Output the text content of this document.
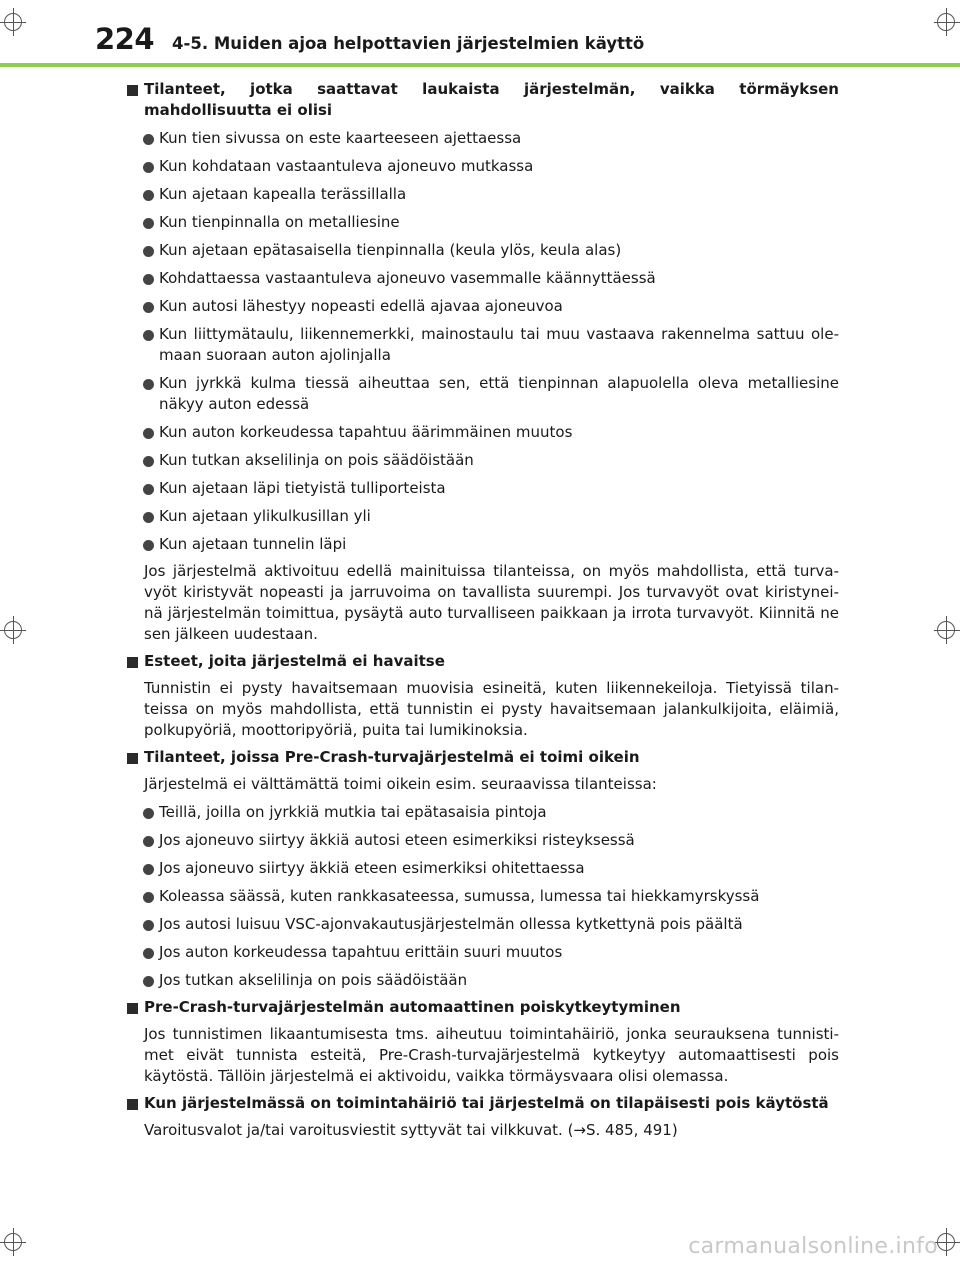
224 4-5. Muiden ajoa helpottavien järjestelmien käyttö
Tilanteet, jotka saattavat laukaista järjestelmän, vaikka törmäyksen mahdollisuutta ei olisi
Kun tien sivussa on este kaarteeseen ajettaessa
Kun kohdataan vastaantuleva ajoneuvo mutkassa
Kun ajetaan kapealla terässillalla
Kun tienpinnalla on metalliesine
Kun ajetaan epätasaisella tienpinnalla (keula ylös, keula alas)
Kohdattaessa vastaantuleva ajoneuvo vasemmalle käännyttäessä
Kun autosi lähestyy nopeasti edellä ajavaa ajoneuvoa
Kun liittymätaulu, liikennemerkki, mainostaulu tai muu vastaava rakennelma sattuu ole-maan suoraan auton ajolinjalla
Kun jyrkkä kulma tiessä aiheuttaa sen, että tienpinnan alapuolella oleva metalliesine näkyy auton edessä
Kun auton korkeudessa tapahtuu äärimmäinen muutos
Kun tutkan akselilinja on pois säädöistään
Kun ajetaan läpi tietyistä tulliporteista
Kun ajetaan ylikulkusillan yli
Kun ajetaan tunnelin läpi
Jos järjestelmä aktivoituu edellä mainituissa tilanteissa, on myös mahdollista, että turva-vyöt kiristyvät nopeasti ja jarruvoima on tavallista suurempi. Jos turvavyöt ovat kiristynei-nä järjestelmän toimittua, pysäytä auto turvalliseen paikkaan ja irrota turvavyöt. Kiinnitä ne sen jälkeen uudestaan.
Esteet, joita järjestelmä ei havaitse
Tunnistin ei pysty havaitsemaan muovisia esineitä, kuten liikennekeiloja. Tietyissä tilan-teissa on myös mahdollista, että tunnistin ei pysty havaitsemaan jalankulkijoita, eläimiä, polkupyöriä, moottoripyöriä, puita tai lumikinoksia.
Tilanteet, joissa Pre-Crash-turvajärjestelmä ei toimi oikein
Järjestelmä ei välttämättä toimi oikein esim. seuraavissa tilanteissa:
Teillä, joilla on jyrkkiä mutkia tai epätasaisia pintoja
Jos ajoneuvo siirtyy äkkiä autosi eteen esimerkiksi risteyksessä
Jos ajoneuvo siirtyy äkkiä eteen esimerkiksi ohitettaessa
Koleassa säässä, kuten rankkasateessa, sumussa, lumessa tai hiekkamyrskyssä
Jos autosi luisuu VSC-ajonvakautusjärjestelmän ollessa kytkettynä pois päältä
Jos auton korkeudessa tapahtuu erittäin suuri muutos
Jos tutkan akselilinja on pois säädöistään
Pre-Crash-turvajärjestelmän automaattinen poiskytkeytyminen
Jos tunnistimen likaantumisesta tms. aiheutuu toimintahäiriö, jonka seurauksena tunnisti-met eivät tunnista esteitä, Pre-Crash-turvajärjestelmä kytkeytyy automaattisesti pois käytöstä. Tällöin järjestelmä ei aktivoidu, vaikka törmäysvaara olisi olemassa.
Kun järjestelmässä on toimintahäiriö tai järjestelmä on tilapäisesti pois käytöstä
Varoitusvalot ja/tai varoitusviestit syttyvät tai vilkkuvat. (→S. 485, 491)
carmanualsonline.info
